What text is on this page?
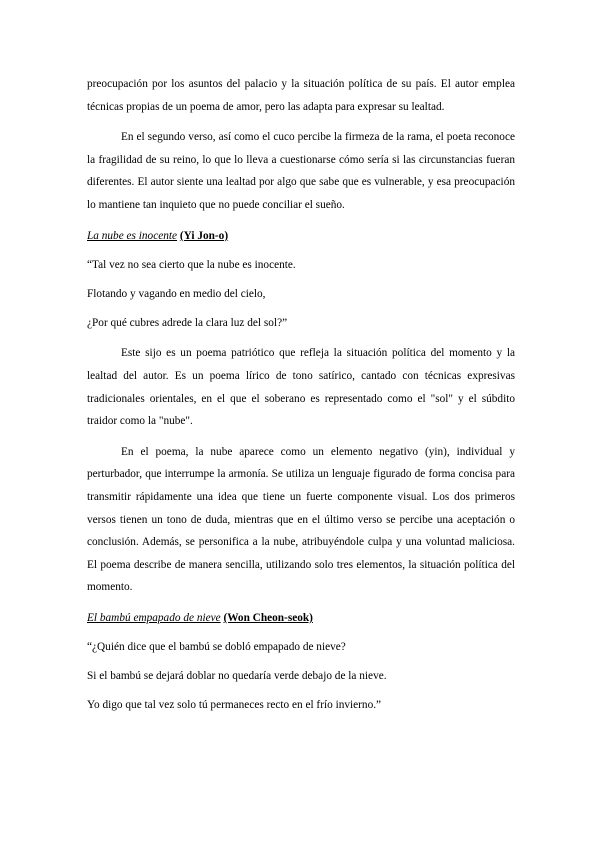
preocupación por los asuntos del palacio y la situación política de su país. El autor emplea técnicas propias de un poema de amor, pero las adapta para expresar su lealtad.

En el segundo verso, así como el cuco percibe la firmeza de la rama, el poeta reconoce la fragilidad de su reino, lo que lo lleva a cuestionarse cómo sería si las circunstancias fueran diferentes. El autor siente una lealtad por algo que sabe que es vulnerable, y esa preocupación lo mantiene tan inquieto que no puede conciliar el sueño.

La nube es inocente (Yi Jon-o)

“Tal vez no sea cierto que la nube es inocente.

Flotando y vagando en medio del cielo,

¿Por qué cubres adrede la clara luz del sol?”

Este sijo es un poema patriótico que refleja la situación política del momento y la lealtad del autor. Es un poema lírico de tono satírico, cantado con técnicas expresivas tradicionales orientales, en el que el soberano es representado como el "sol" y el súbdito traidor como la "nube".

En el poema, la nube aparece como un elemento negativo (yin), individual y perturbador, que interrumpe la armonía. Se utiliza un lenguaje figurado de forma concisa para transmitir rápidamente una idea que tiene un fuerte componente visual. Los dos primeros versos tienen un tono de duda, mientras que en el último verso se percibe una aceptación o conclusión. Además, se personifica a la nube, atribuyéndole culpa y una voluntad maliciosa. El poema describe de manera sencilla, utilizando solo tres elementos, la situación política del momento.

El bambú empapado de nieve (Won Cheon-seok)

“¿Quién dice que el bambú se dobló empapado de nieve?

Si el bambú se dejará doblar no quedaría verde debajo de la nieve.

Yo digo que tal vez solo tú permaneces recto en el frío invierno.”
